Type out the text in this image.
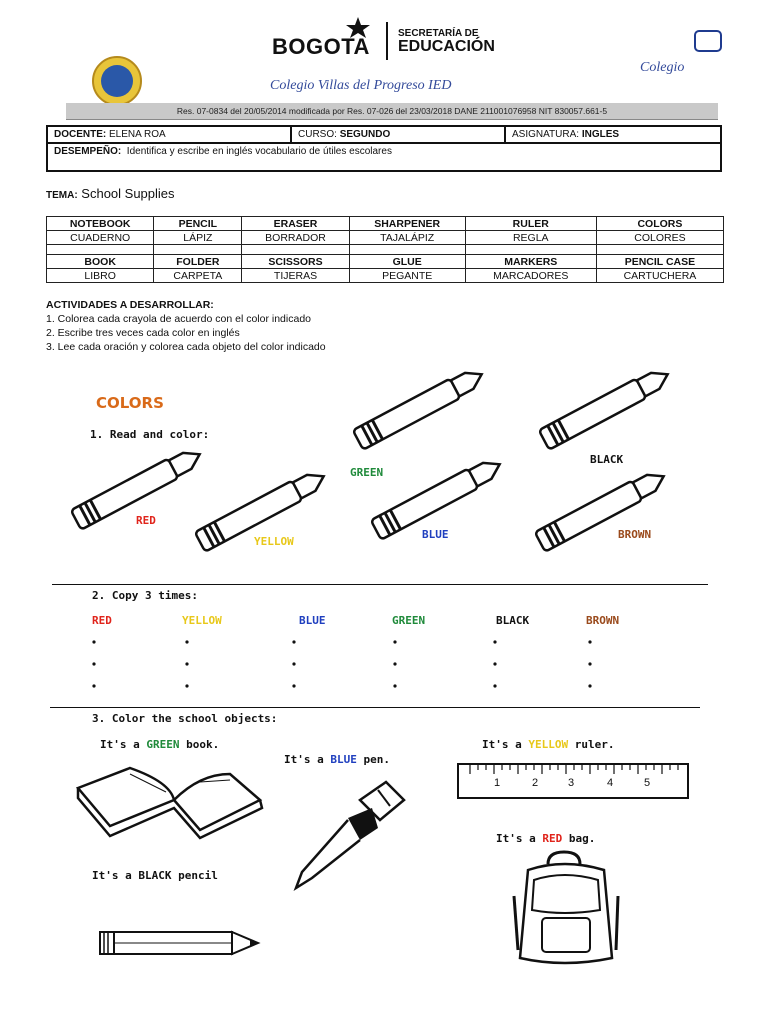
BOGOTA
SECRETARÍA DE
EDUCACIÓN
Colegio Villas del Progreso IED
Colegio
Res. 07-0834 del 20/05/2014 modificada por Res. 07-026 del 23/03/2018 DANE 211001076958 NIT 830057.661-5
DOCENTE: ELENA ROA	CURSO: SEGUNDO	ASIGNATURA: INGLES
DESEMPEÑO: Identifica y escribe en inglés vocabulario de útiles escolares
TEMA: School Supplies
NOTEBOOK	PENCIL	ERASER	SHARPENER	RULER	COLORS
CUADERNO	LÁPIZ	BORRADOR	TAJALÁPIZ	REGLA	COLORES

BOOK	FOLDER	SCISSORS	GLUE	MARKERS	PENCIL CASE
LIBRO	CARPETA	TIJERAS	PEGANTE	MARCADORES	CARTUCHERA
ACTIVIDADES A DESARROLLAR:
1. Colorea cada crayola de acuerdo con el color indicado
2. Escribe tres veces cada color en inglés
3. Lee cada oración y colorea cada objeto del color indicado
COLORS
1. Read and color:
RED
YELLOW
GREEN
BLUE
BLACK
BROWN
2. Copy 3 times:
RED	YELLOW	BLUE	GREEN	BLACK	BROWN
3. Color the school objects:
It's a GREEN book.
It's a BLUE pen.
It's a YELLOW ruler.
It's a RED bag.
It's a BLACK pencil
1	2	3	4	5
